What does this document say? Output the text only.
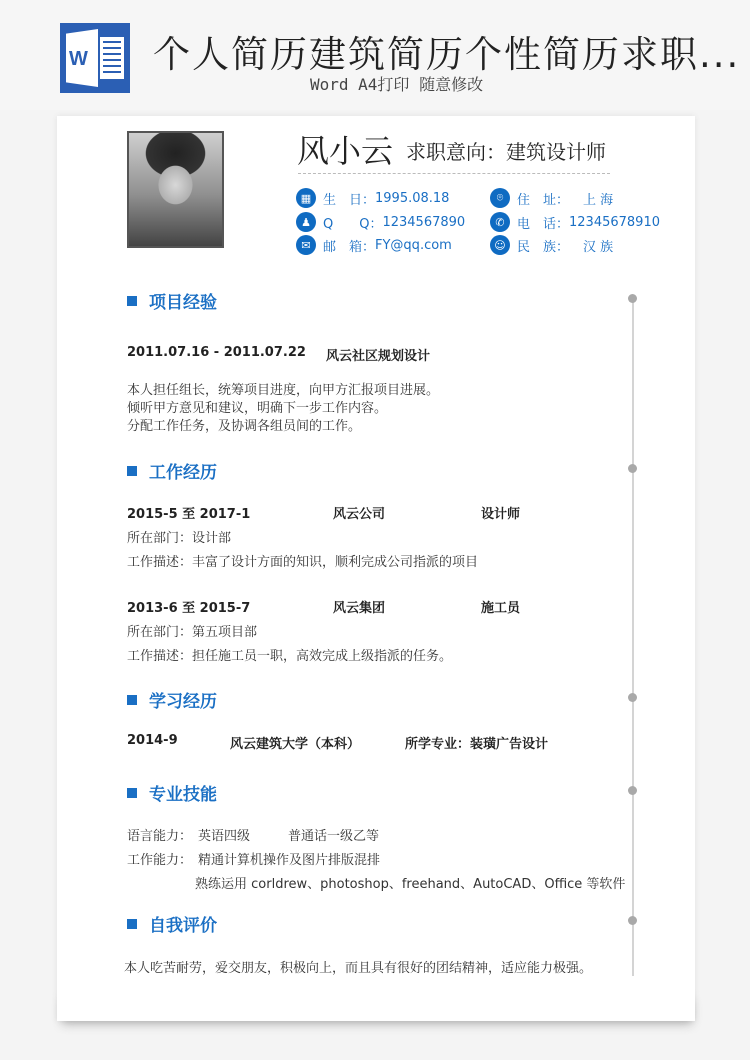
W 个人简历建筑简历个性简历求职...
Word A4打印 随意修改
风小云 求职意向：建筑设计师
▦ 生　日： 1995.08.18
♟ Q　　Q： 1234567890
✉ 邮　箱： FY@qq.com
⌾	住　址： 上 海
✆ 电　话： 12345678910
☺ 民　族： 汉 族
项目经验
2011.07.16 - 2011.07.22 风云社区规划设计
本人担任组长，统筹项目进度，向甲方汇报项目进展。
倾听甲方意见和建议，明确下一步工作内容。
分配工作任务，及协调各组员间的工作。
工作经历
2015-5 至 2017-1	风云公司	设计师
所在部门：设计部
工作描述：丰富了设计方面的知识，顺利完成公司指派的项目
2013-6 至 2015-7	风云集团	施工员
所在部门：第五项目部
工作描述：担任施工员一职，高效完成上级指派的任务。
学习经历
2014-9	风云建筑大学（本科）	所学专业：装璜广告设计
专业技能
语言能力： 英语四级	普通话一级乙等
工作能力： 精通计算机操作及图片排版混排
熟练运用 corldrew、photoshop、freehand、AutoCAD、Office 等软件
自我评价
本人吃苦耐劳，爱交朋友，积极向上，而且具有很好的团结精神，适应能力极强。
